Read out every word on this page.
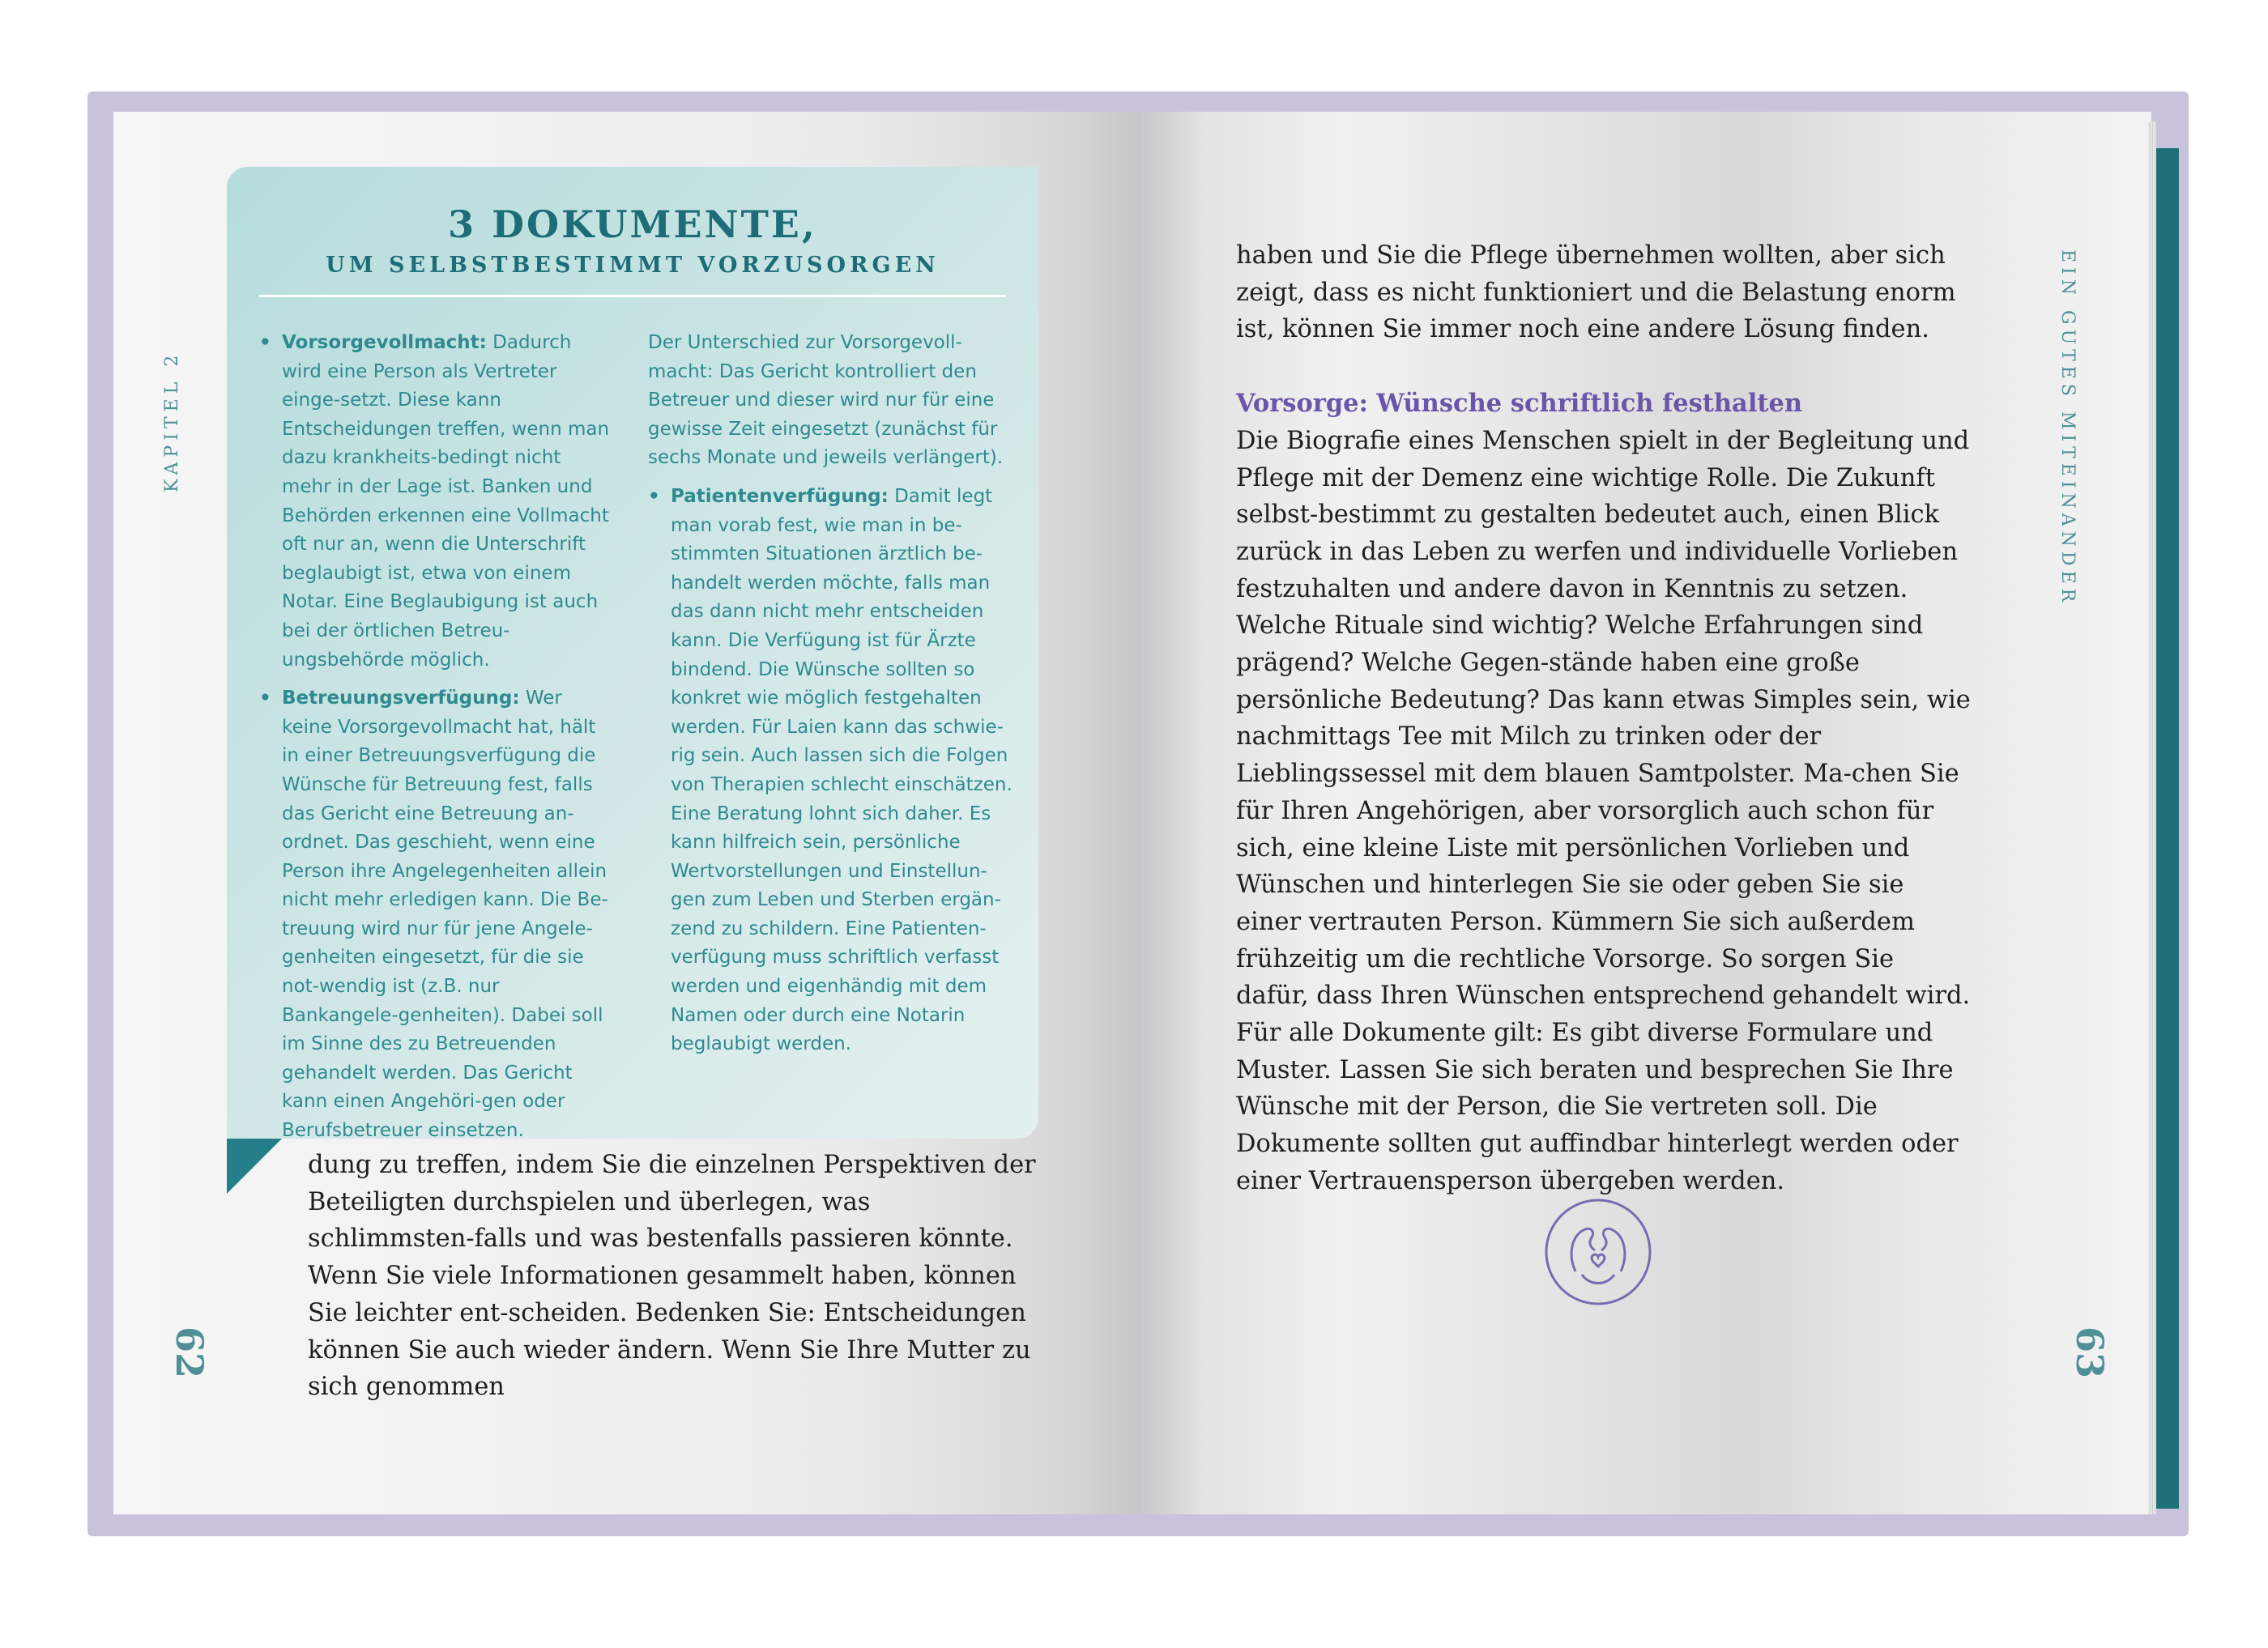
KAPITEL 2
62
3 DOKUMENTE,
UM SELBSTBESTIMMT VORZUSORGEN
• Vorsorgevollmacht: Dadurch wird eine Person als Vertreter einge-setzt. Diese kann Entscheidungen treffen, wenn man dazu krankheits-bedingt nicht mehr in der Lage ist. Banken und Behörden erkennen eine Vollmacht oft nur an, wenn die Unterschrift beglaubigt ist, etwa von einem Notar. Eine Beglaubigung ist auch bei der örtlichen Betreu-ungsbehörde möglich.
• Betreuungsverfügung: Wer keine Vorsorgevollmacht hat, hält in einer Betreuungsverfügung die Wünsche für Betreuung fest, falls das Gericht eine Betreuung an-ordnet. Das geschieht, wenn eine Person ihre Angelegenheiten allein nicht mehr erledigen kann. Die Be-treuung wird nur für jene Angele-genheiten eingesetzt, für die sie not-wendig ist (z.B. nur Bankangele-genheiten). Dabei soll im Sinne des zu Betreuenden gehandelt werden. Das Gericht kann einen Angehöri-gen oder Berufsbetreuer einsetzen.

Der Unterschied zur Vorsorgevoll-macht: Das Gericht kontrolliert den Betreuer und dieser wird nur für eine gewisse Zeit eingesetzt (zunächst für sechs Monate und jeweils verlängert).

• Patientenverfügung: Damit legt man vorab fest, wie man in be-stimmten Situationen ärztlich be-handelt werden möchte, falls man das dann nicht mehr entscheiden kann. Die Verfügung ist für Ärzte bindend. Die Wünsche sollten so konkret wie möglich festgehalten werden. Für Laien kann das schwie-rig sein. Auch lassen sich die Folgen von Therapien schlecht einschätzen. Eine Beratung lohnt sich daher. Es kann hilfreich sein, persönliche Wertvorstellungen und Einstellun-gen zum Leben und Sterben ergän-zend zu schildern. Eine Patienten-verfügung muss schriftlich verfasst werden und eigenhändig mit dem Namen oder durch eine Notarin beglaubigt werden.

dung zu treffen, indem Sie die einzelnen Perspektiven der Beteiligten durchspielen und überlegen, was schlimmsten-falls und was bestenfalls passieren könnte. Wenn Sie viele Informationen gesammelt haben, können Sie leichter ent-scheiden. Bedenken Sie: Entscheidungen können Sie auch wieder ändern. Wenn Sie Ihre Mutter zu sich genommen

EIN GUTES MITEINANDER
63

haben und Sie die Pflege übernehmen wollten, aber sich zeigt, dass es nicht funktioniert und die Belastung enorm ist, können Sie immer noch eine andere Lösung finden.

Vorsorge: Wünsche schriftlich festhalten

Die Biografie eines Menschen spielt in der Begleitung und Pflege mit der Demenz eine wichtige Rolle. Die Zukunft selbst-bestimmt zu gestalten bedeutet auch, einen Blick zurück in das Leben zu werfen und individuelle Vorlieben festzuhalten und andere davon in Kenntnis zu setzen. Welche Rituale sind wichtig? Welche Erfahrungen sind prägend? Welche Gegen-stände haben eine große persönliche Bedeutung? Das kann etwas Simples sein, wie nachmittags Tee mit Milch zu trinken oder der Lieblingssessel mit dem blauen Samtpolster. Ma-chen Sie für Ihren Angehörigen, aber vorsorglich auch schon für sich, eine kleine Liste mit persönlichen Vorlieben und Wünschen und hinterlegen Sie sie oder geben Sie sie einer vertrauten Person. Kümmern Sie sich außerdem frühzeitig um die rechtliche Vorsorge. So sorgen Sie dafür, dass Ihren Wünschen entsprechend gehandelt wird. Für alle Dokumente gilt: Es gibt diverse Formulare und Muster. Lassen Sie sich beraten und besprechen Sie Ihre Wünsche mit der Person, die Sie vertreten soll. Die Dokumente sollten gut auffindbar hinterlegt werden oder einer Vertrauensperson übergeben werden.
